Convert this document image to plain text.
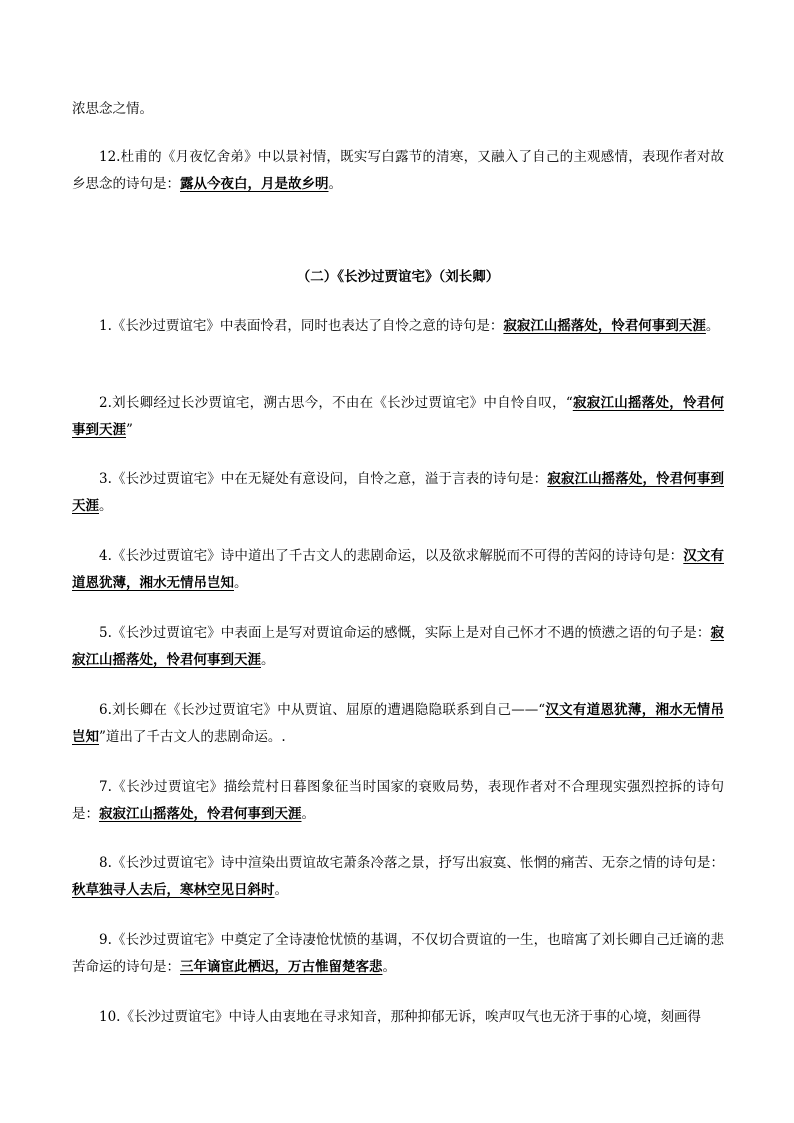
浓思念之情。

12.杜甫的《月夜忆舍弟》中以景衬情，既实写白露节的清寒，又融入了自己的主观感情，表现作者对故乡思念的诗句是：露从今夜白，月是故乡明。

（二）《长沙过贾谊宅》（刘长卿）

1.《长沙过贾谊宅》中表面怜君，同时也表达了自怜之意的诗句是：寂寂江山摇落处，怜君何事到天涯。

2.刘长卿经过长沙贾谊宅，溯古思今，不由在《长沙过贾谊宅》中自怜自叹，“寂寂江山摇落处，怜君何事到天涯”

3.《长沙过贾谊宅》中在无疑处有意设问，自怜之意，溢于言表的诗句是：寂寂江山摇落处，怜君何事到天涯。

4.《长沙过贾谊宅》诗中道出了千古文人的悲剧命运，以及欲求解脱而不可得的苦闷的诗诗句是：汉文有道恩犹薄，湘水无情吊岂知。

5.《长沙过贾谊宅》中表面上是写对贾谊命运的感慨，实际上是对自己怀才不遇的愤懑之语的句子是：寂寂江山摇落处，怜君何事到天涯。

6.刘长卿在《长沙过贾谊宅》中从贾谊、屈原的遭遇隐隐联系到自己——“汉文有道恩犹薄，湘水无情吊岂知”道出了千古文人的悲剧命运。.

7.《长沙过贾谊宅》描绘荒村日暮图象征当时国家的衰败局势，表现作者对不合理现实强烈控拆的诗句是：寂寂江山摇落处，怜君何事到天涯。

8.《长沙过贾谊宅》诗中渲染出贾谊故宅萧条冷落之景，抒写出寂寞、怅惘的痛苦、无奈之情的诗句是：秋草独寻人去后，寒林空见日斜时。

9.《长沙过贾谊宅》中奠定了全诗凄怆忧愤的基调，不仅切合贾谊的一生，也暗寓了刘长卿自己迁谪的悲苦命运的诗句是：三年谪宦此栖迟，万古惟留楚客悲。

10.《长沙过贾谊宅》中诗人由衷地在寻求知音，那种抑郁无诉，唉声叹气也无济于事的心境，刻画得
